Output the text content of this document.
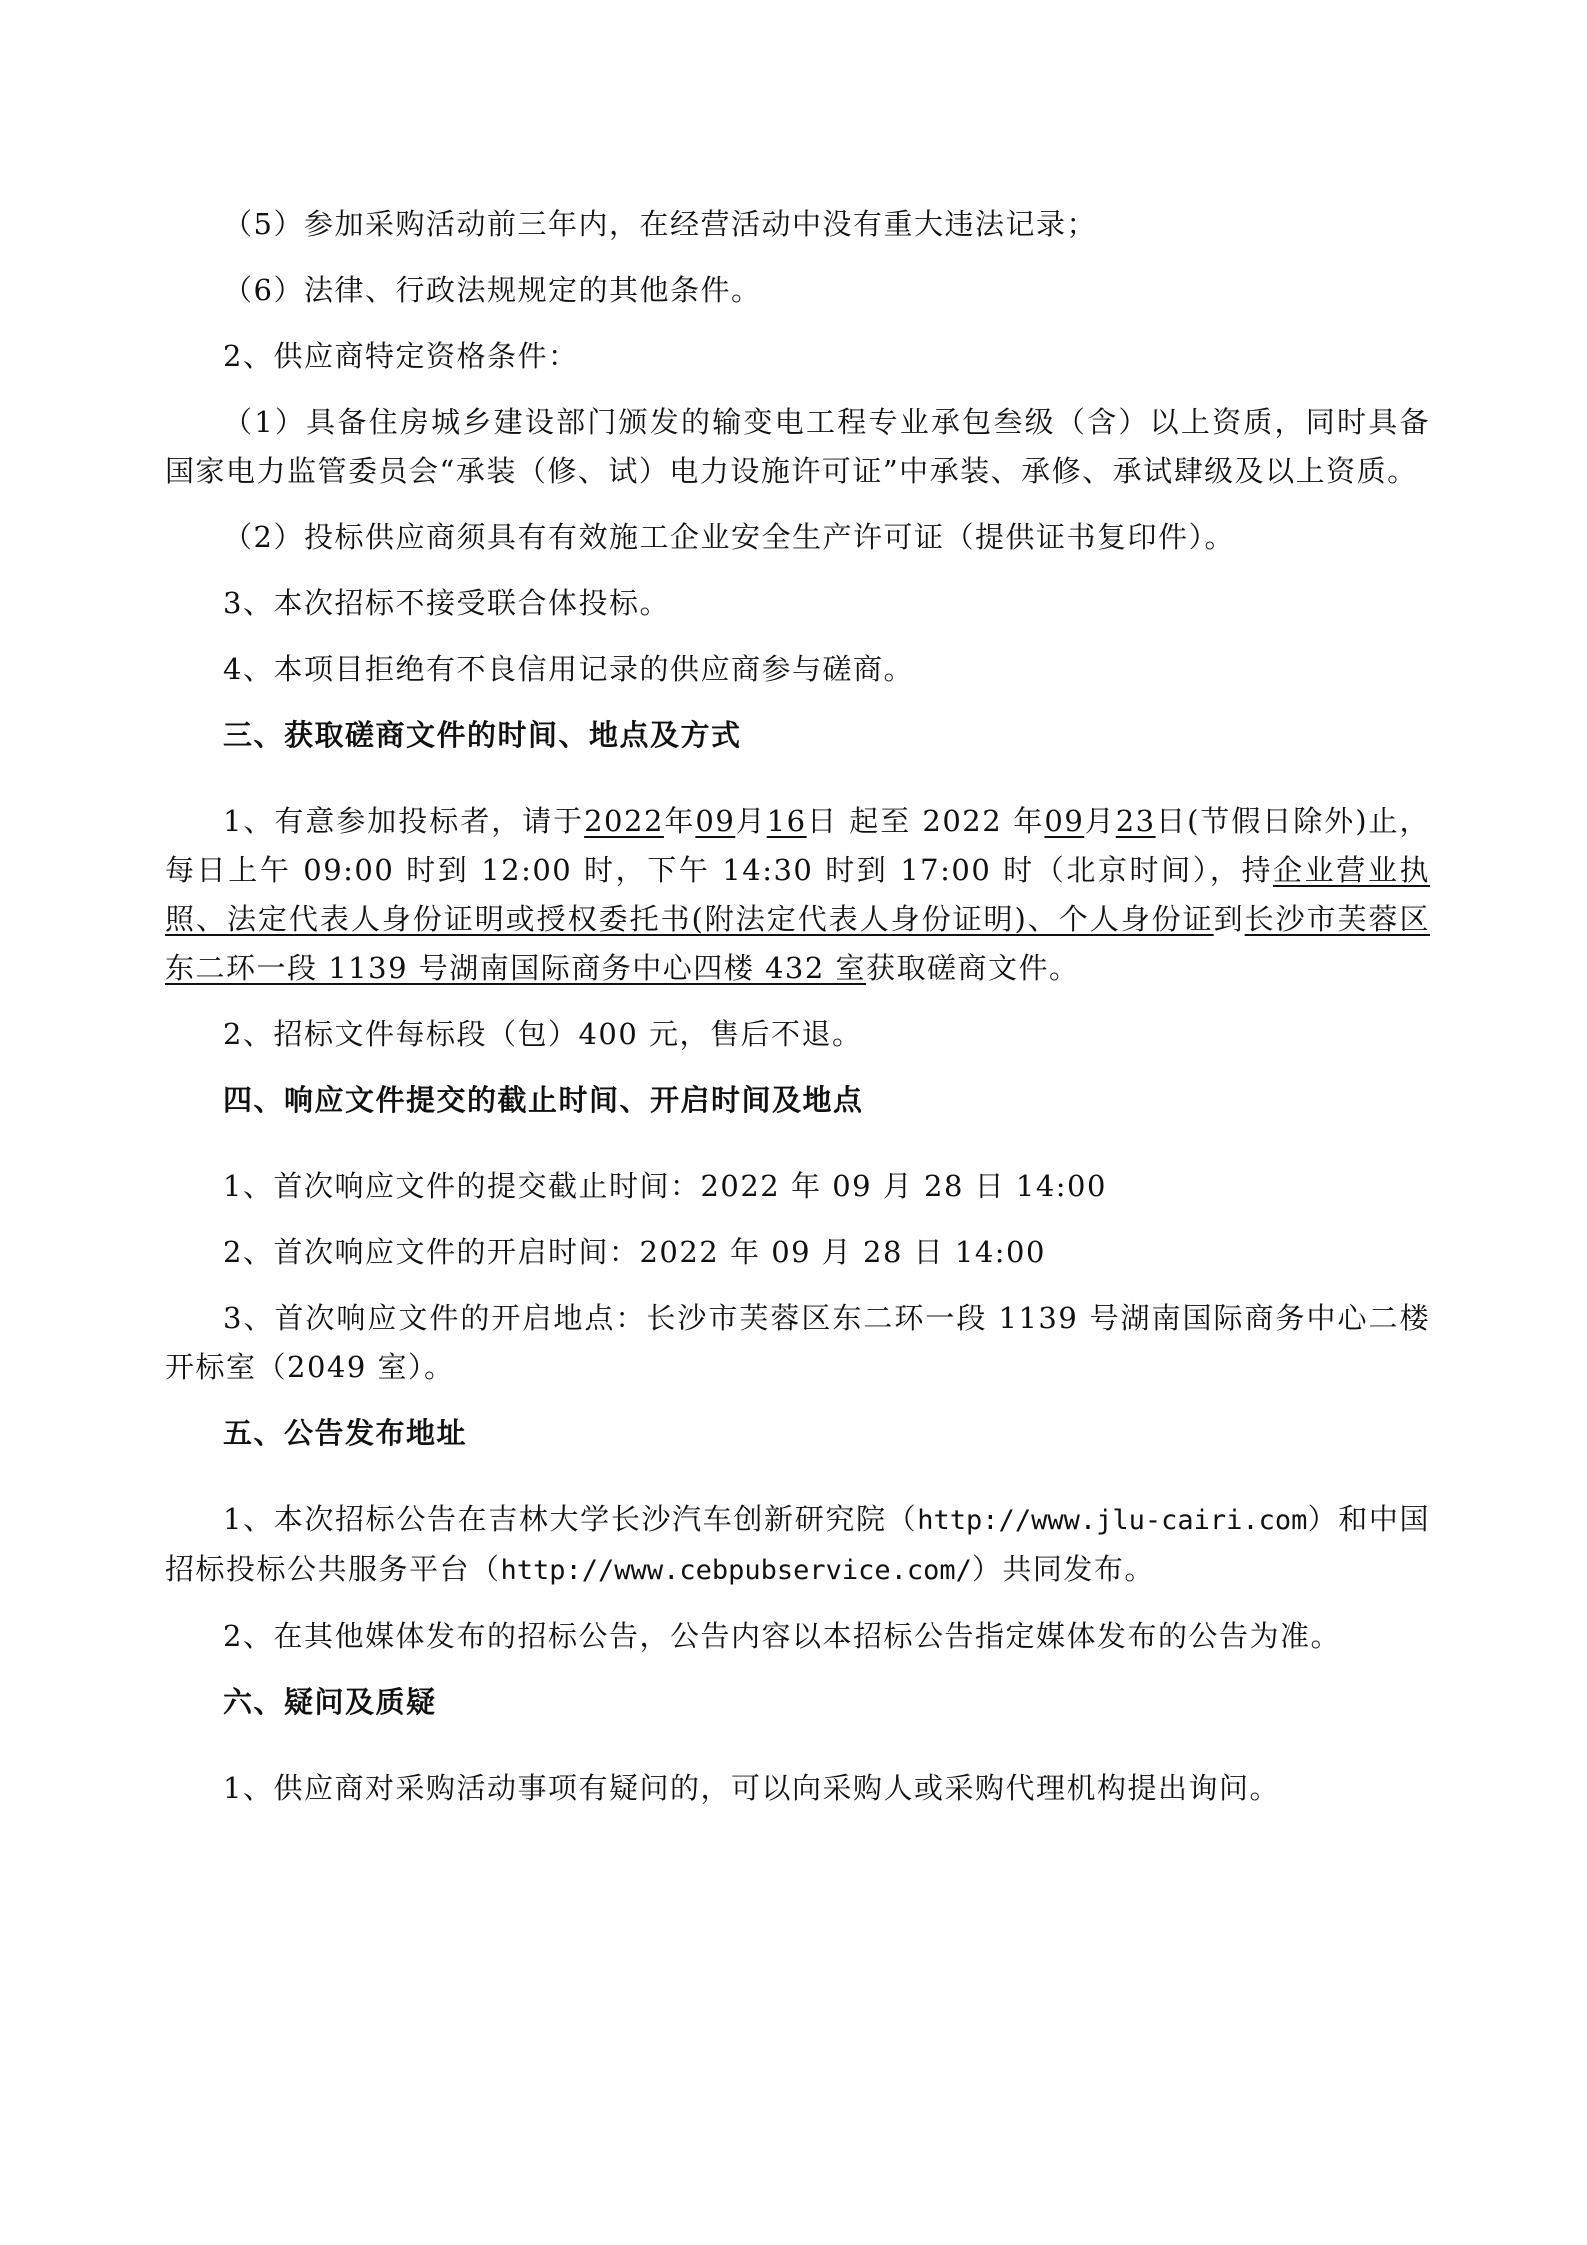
（5）参加采购活动前三年内，在经营活动中没有重大违法记录；

（6）法律、行政法规规定的其他条件。

2、供应商特定资格条件：

（1）具备住房城乡建设部门颁发的输变电工程专业承包叁级（含）以上资质，同时具备国家电力监管委员会“承装（修、试）电力设施许可证”中承装、承修、承试肆级及以上资质。

（2）投标供应商须具有有效施工企业安全生产许可证（提供证书复印件）。

3、本次招标不接受联合体投标。

4、本项目拒绝有不良信用记录的供应商参与磋商。

三、获取磋商文件的时间、地点及方式

1、有意参加投标者，请于2022年09月16日 起至 2022 年09月23日(节假日除外)止，每日上午 09:00 时到 12:00 时，下午 14:30 时到 17:00 时（北京时间），持企业营业执照、法定代表人身份证明或授权委托书(附法定代表人身份证明)、个人身份证到长沙市芙蓉区东二环一段 1139 号湖南国际商务中心四楼 432 室获取磋商文件。

2、招标文件每标段（包）400 元，售后不退。

四、响应文件提交的截止时间、开启时间及地点

1、首次响应文件的提交截止时间：2022 年 09 月 28 日 14:00

2、首次响应文件的开启时间：2022 年 09 月 28 日 14:00

3、首次响应文件的开启地点：长沙市芙蓉区东二环一段 1139 号湖南国际商务中心二楼开标室（2049 室）。

五、公告发布地址

1、本次招标公告在吉林大学长沙汽车创新研究院（http://www.jlu-cairi.com）和中国招标投标公共服务平台（http://www.cebpubservice.com/）共同发布。

2、在其他媒体发布的招标公告，公告内容以本招标公告指定媒体发布的公告为准。

六、疑问及质疑

1、供应商对采购活动事项有疑问的，可以向采购人或采购代理机构提出询问。
